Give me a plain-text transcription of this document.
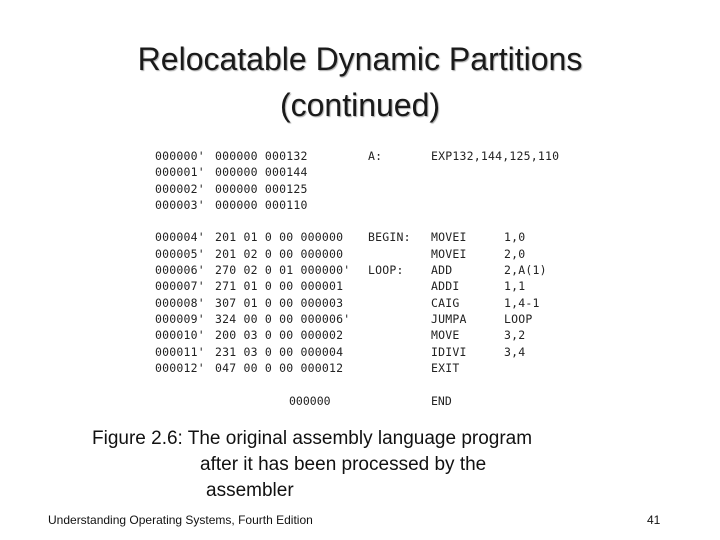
Relocatable Dynamic Partitions
(continued)
000000' 000000 000132	A:	EXP132,144,125,110
000001' 000000 000144
000002' 000000 000125
000003' 000000 000110
000004' 201 01 0 00 000000 BEGIN: MOVEI	1,0
000005' 201 02 0 00 000000	MOVEI	2,0
000006' 270 02 0 01 000000' LOOP: ADD	2,A(1)
000007' 271 01 0 00 000001	ADDI	1,1
000008' 307 01 0 00 000003	CAIG	1,4-1
000009' 324 00 0 00 000006'	JUMPA	LOOP
000010' 200 03 0 00 000002	MOVE	3,2
000011' 231 03 0 00 000004	IDIVI	3,4
000012' 047 00 0 00 000012	EXIT
000000	END
Figure 2.6: The original assembly language program
after it has been processed by the
assembler
Understanding Operating Systems, Fourth Edition	41
